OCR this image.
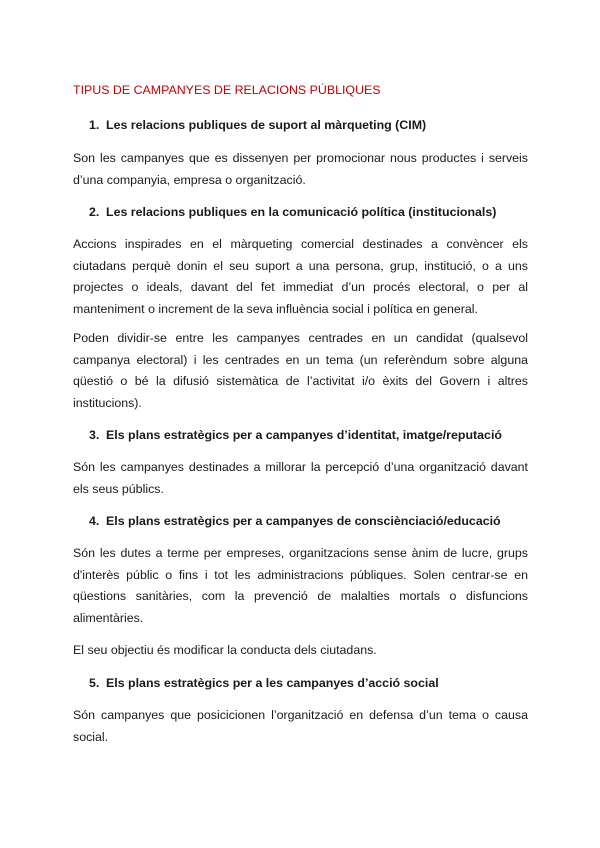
TIPUS DE CAMPANYES DE RELACIONS PÚBLIQUES
1. Les relacions publiques de suport al màrqueting (CIM)

Son les campanyes que es dissenyen per promocionar nous productes i serveis d’una companyia, empresa o organització.

2. Les relacions publiques en la comunicació política (institucionals)

Accions inspirades en el màrqueting comercial destinades a convèncer els ciutadans perquè donin el seu suport a una persona, grup, institució, o a uns projectes o ideals, davant del fet immediat d’un procés electoral, o per al manteniment o increment de la seva influència social i política en general.

Poden dividir-se entre les campanyes centrades en un candidat (qualsevol campanya electoral) i les centrades en un tema (un referèndum sobre alguna qüestió o bé la difusió sistemàtica de l’activitat i/o èxits del Govern i altres institucions).

3. Els plans estratègics per a campanyes d’identitat, imatge/reputació

Són les campanyes destinades a millorar la percepció d’una organització davant els seus públics.

4. Els plans estratègics per a campanyes de consciènciació/educació

Són les dutes a terme per empreses, organitzacions sense ànim de lucre, grups d'interès públic o fins i tot les administracions públiques. Solen centrar-se en qüestions sanitàries, com la prevenció de malalties mortals o disfuncions alimentàries.

El seu objectiu és modificar la conducta dels ciutadans.

5. Els plans estratègics per a les campanyes d’acció social

Són campanyes que posicicionen l’organització en defensa d’un tema o causa social.
